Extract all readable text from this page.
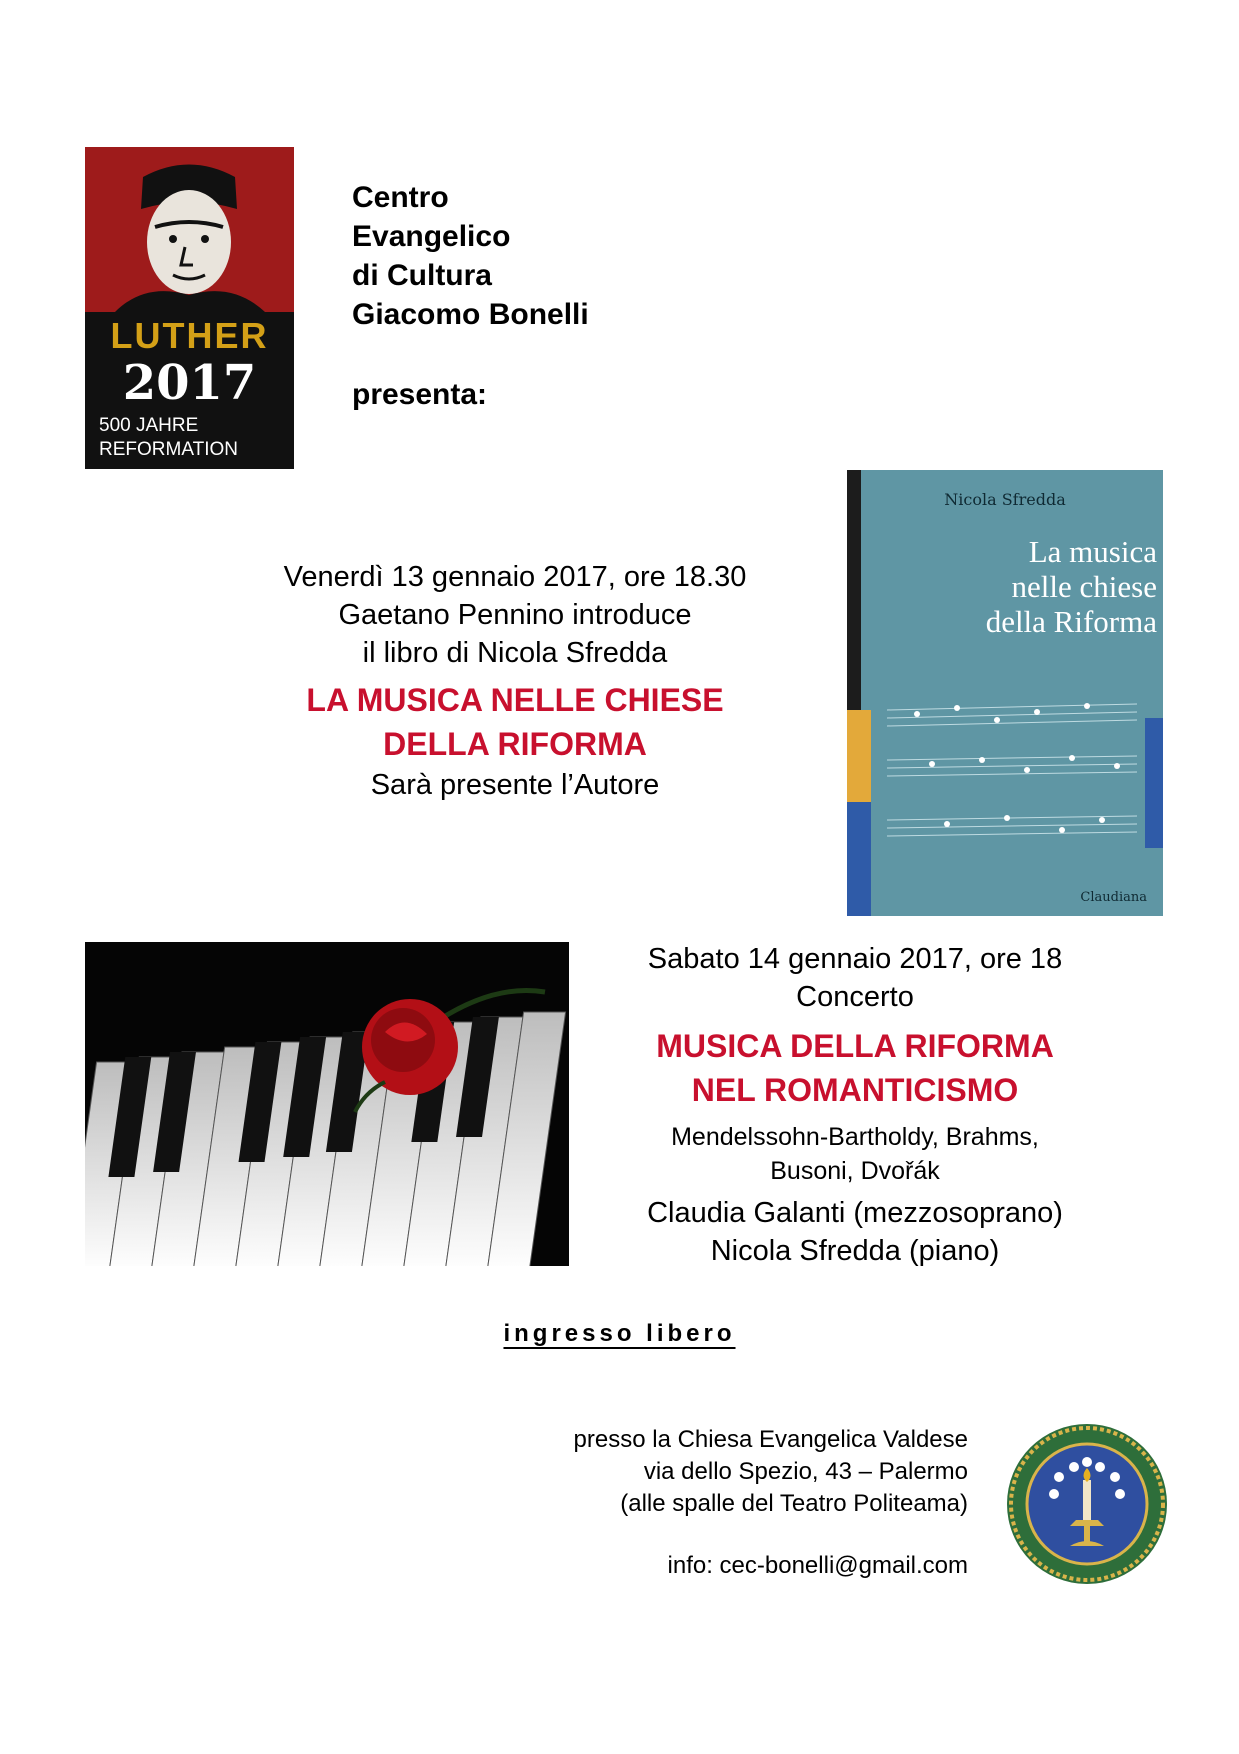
LUTHER
2017
500 JAHRE
REFORMATION
Centro
Evangelico
di Cultura
Giacomo Bonelli
presenta:
Venerdì 13 gennaio 2017, ore 18.30
Gaetano Pennino introduce
il libro di Nicola Sfredda
LA MUSICA NELLE CHIESE
DELLA RIFORMA
Sarà presente l’Autore
Nicola Sfredda
La musica
nelle chiese
della Riforma
Claudiana
Sabato 14 gennaio 2017, ore 18
Concerto
MUSICA DELLA RIFORMA
NEL ROMANTICISMO
Mendelssohn-Bartholdy, Brahms,
Busoni, Dvořák
Claudia Galanti (mezzosoprano)
Nicola Sfredda (piano)
ingresso libero
presso la Chiesa Evangelica Valdese
via dello Spezio, 43 – Palermo
(alle spalle del Teatro Politeama)
info: cec-bonelli@gmail.com
